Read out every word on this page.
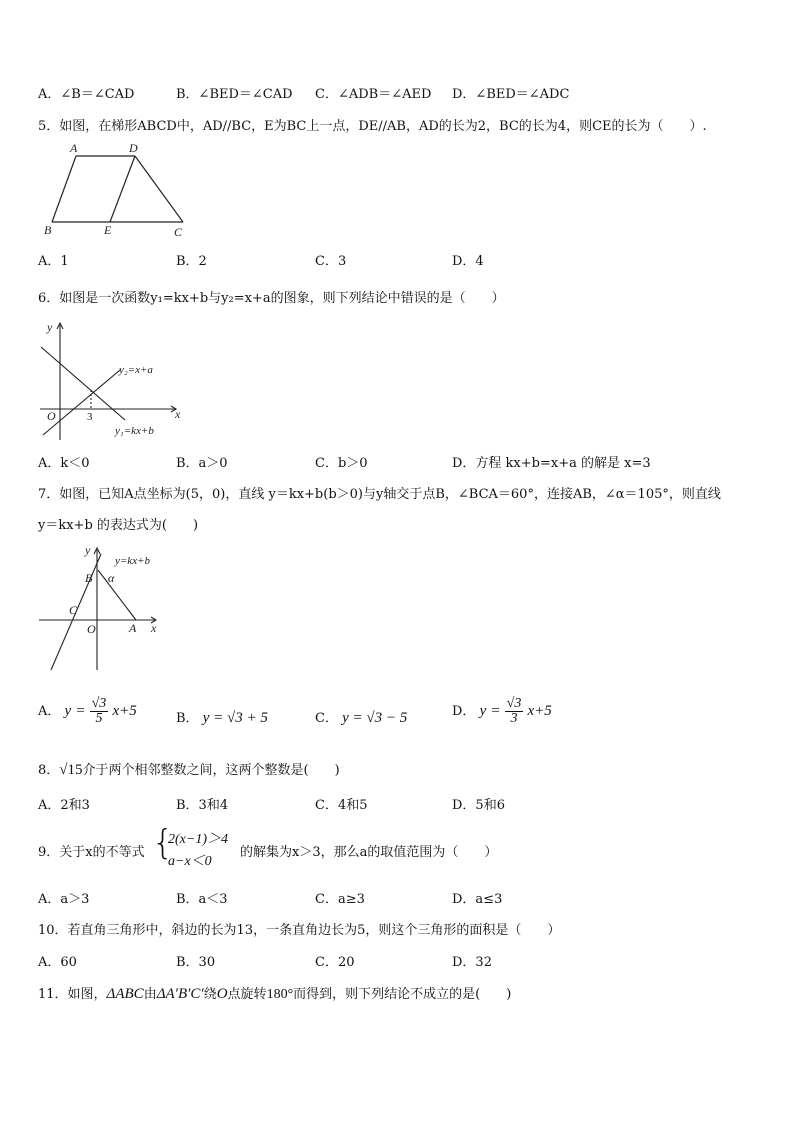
A．∠B＝∠CAD	B．∠BED＝∠CAD C．∠ADB＝∠AED D．∠BED＝∠ADC
5．如图，在梯形ABCD中，AD//BC，E为BC上一点，DE//AB，AD的长为2，BC的长为4，则CE的长为（　　）.
A	D
B	E	C
A．1	B．2	C．3	D．4
6．如图是一次函数y₁=kx+b与y₂=x+a的图象，则下列结论中错误的是（　　）
y
x
O	3
y₂=x+a
y₁=kx+b
A．k＜0	B．a＞0	C．b＞0	D．方程 kx+b=x+a 的解是 x=3
7．如图，已知A点坐标为(5，0)，直线 y＝kx+b(b＞0)与y轴交于点B，∠BCA＝60°，连接AB，∠α＝105°，则直线
y＝kx+b 的表达式为(　　)
y
x
O	A
B
C
α
y=kx+b
A． $y = \frac{√3}{5} x+5$	B． y = √3 + 5	C． y = √3 − 5	D． $y = \frac{√3}{3} x+5$
8．√15介于两个相邻整数之间，这两个整数是(　　)
A．2和3	B．3和4	C．4和5	D．5和6
9．关于x的不等式 {
2(x−1)＞4
a−x＜0
的解集为x＞3，那么a的取值范围为（　　）
A．a＞3	B．a＜3	C．a≥3	D．a≤3
10．若直角三角形中，斜边的长为13，一条直角边长为5，则这个三角形的面积是（　　）
A．60	B．30	C．20	D．32
11．如图，ΔABC由ΔA′B′C′绕O点旋转180°而得到，则下列结论不成立的是(　　)
